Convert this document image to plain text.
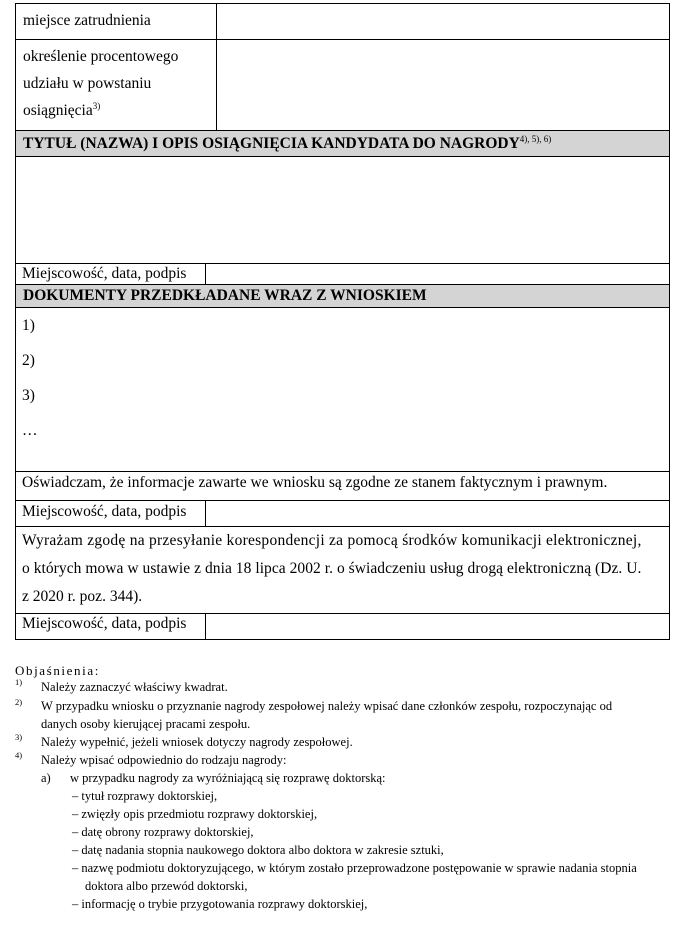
miejsce zatrudnienia
określenie procentowego
udziału w powstaniu
osiągnięcia$^{3)}$
TYTUŁ (NAZWA) I OPIS OSIĄGNIĘCIA KANDYDATA DO $NAGRODY^{4), 5), 6)}$
Miejscowość, data, podpis
DOKUMENTY PRZEDKŁADANE WRAZ Z WNIOSKIEM
1)
2)
3)
…
Oświadczam, że informacje zawarte we wniosku są zgodne ze stanem faktycznym i prawnym.
Miejscowość, data, podpis
Wyrażam zgodę na przesyłanie korespondencji za pomocą środków komunikacji elektronicznej,
o których mowa w ustawie z dnia 18 lipca 2002 r. o świadczeniu usług drogą elektroniczną (Dz. U.
z 2020 r. poz. 344).
Miejscowość, data, podpis
Objaśnienia:
1) Należy zaznaczyć właściwy kwadrat.
2) W przypadku wniosku o przyznanie nagrody zespołowej należy wpisać dane członków zespołu, rozpoczynając od
danych osoby kierującej pracami zespołu.
3) Należy wypełnić, jeżeli wniosek dotyczy nagrody zespołowej.
4) Należy wpisać odpowiednio do rodzaju nagrody:
a) w przypadku nagrody za wyróżniającą się rozprawę doktorską:
– tytuł rozprawy doktorskiej,
– zwięzły opis przedmiotu rozprawy doktorskiej,
– datę obrony rozprawy doktorskiej,
– datę nadania stopnia naukowego doktora albo doktora w zakresie sztuki,
– nazwę podmiotu doktoryzującego, w którym zostało przeprowadzone postępowanie w sprawie nadania stopnia
doktora albo przewód doktorski,
– informację o trybie przygotowania rozprawy doktorskiej,
